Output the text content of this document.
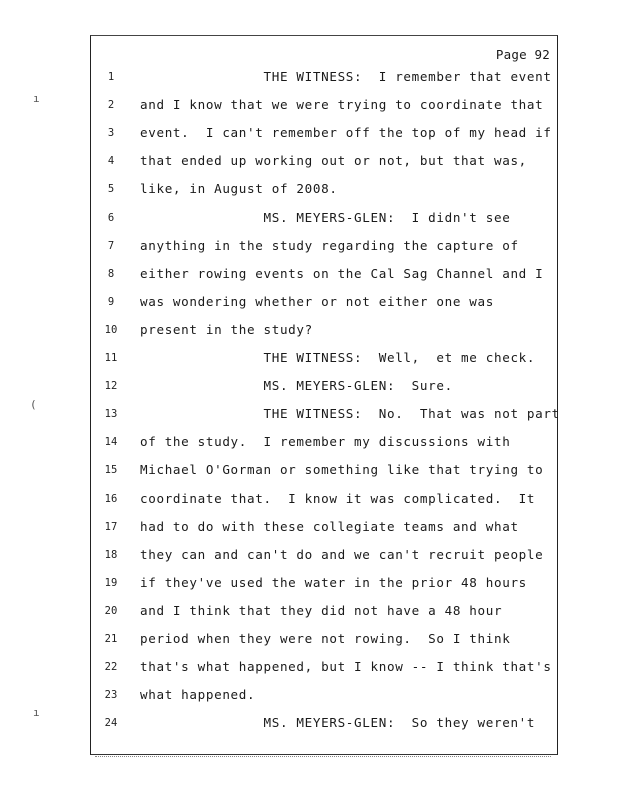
Page 92
ı
(
ı
1	THE WITNESS:  I remember that event
2	and I know that we were trying to coordinate that
3	event.  I can't remember off the top of my head if
4	that ended up working out or not, but that was,
5	like, in August of 2008.
6	MS. MEYERS-GLEN:  I didn't see
7	anything in the study regarding the capture of
8	either rowing events on the Cal Sag Channel and I
9	was wondering whether or not either one was
10	present in the study?
11	THE WITNESS:  Well,  et me check.
12	MS. MEYERS-GLEN:  Sure.
13	THE WITNESS:  No.  That was not part
14	of the study.  I remember my discussions with
15	Michael O'Gorman or something like that trying to
16	coordinate that.  I know it was complicated.  It
17	had to do with these collegiate teams and what
18	they can and can't do and we can't recruit people
19	if they've used the water in the prior 48 hours
20	and I think that they did not have a 48 hour
21	period when they were not rowing.  So I think
22	that's what happened, but I know -- I think that's
23	what happened.
24	MS. MEYERS-GLEN:  So they weren't
